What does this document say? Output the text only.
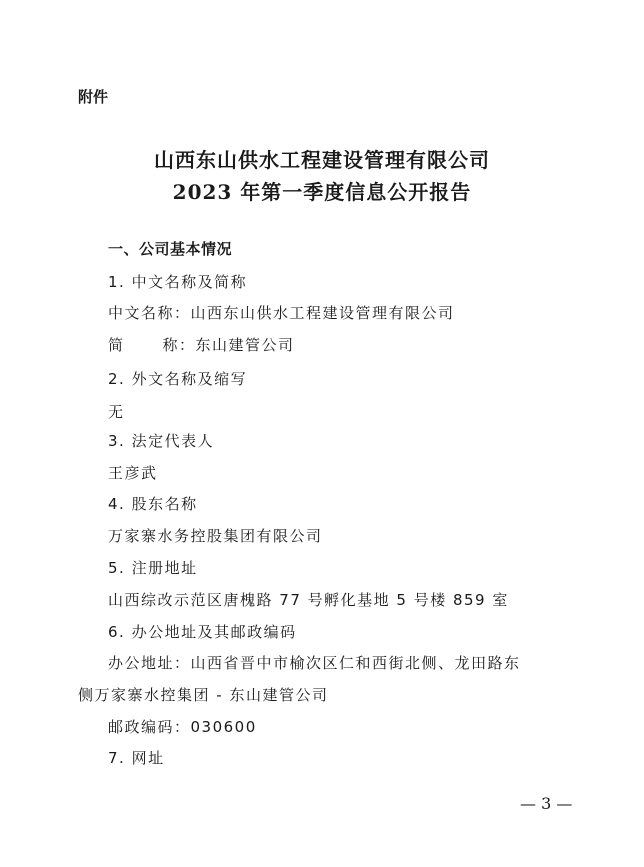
附件
山西东山供水工程建设管理有限公司
2023 年第一季度信息公开报告
一、公司基本情况
1. 中文名称及简称
中文名称：山西东山供水工程建设管理有限公司
简	称：东山建管公司
2. 外文名称及缩写
无
3. 法定代表人
王彦武
4. 股东名称
万家寨水务控股集团有限公司
5. 注册地址
山西综改示范区唐槐路 77 号孵化基地 5 号楼 859 室
6. 办公地址及其邮政编码
办公地址：山西省晋中市榆次区仁和西街北侧、龙田路东
侧万家寨水控集团 - 东山建管公司
邮政编码：030600
7. 网址
— 3 —
